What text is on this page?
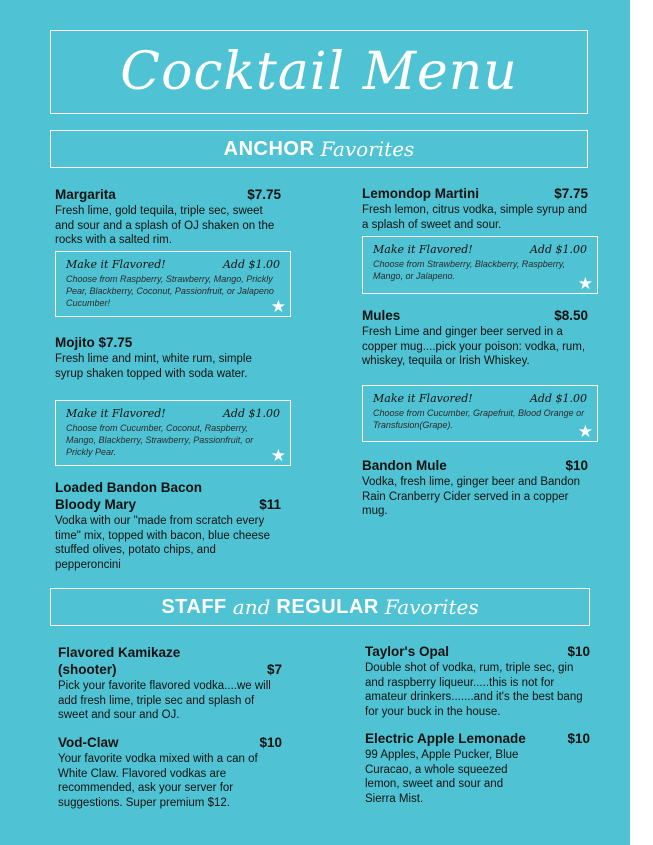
Cocktail Menu
ANCHOR Favorites
Margarita	$7.75
Fresh lime, gold tequila, triple sec, sweet and sour and a splash of OJ shaken on the rocks with a salted rim.
Make it Flavored!	Add $1.00
Choose from Raspberry, Strawberry, Mango, Prickly Pear, Blackberry, Coconut, Passionfruit, or Jalapeno Cucumber!	★
Mojito $7.75
Fresh lime and mint, white rum, simple syrup shaken topped with soda water.
Make it Flavored!	Add $1.00
Choose from Cucumber, Coconut, Raspberry, Mango, Blackberry, Strawberry, Passionfruit, or Prickly Pear.	★
Loaded Bandon Bacon
Bloody Mary	$11
Vodka with our "made from scratch every time" mix, topped with bacon, blue cheese stuffed olives, potato chips, and pepperoncini
Lemondop Martini	$7.75
Fresh lemon, citrus vodka, simple syrup and a splash of sweet and sour.
Make it Flavored!	Add $1.00
Choose from Strawberry, Blackberry, Raspberry, Mango, or Jalapeno.	★
Mules	$8.50
Fresh Lime and ginger beer served in a copper mug....pick your poison: vodka, rum, whiskey, tequila or Irish Whiskey.
Make it Flavored!	Add $1.00
Choose from Cucumber, Grapefruit, Blood Orange or Transfusion(Grape).	★
Bandon Mule	$10
Vodka, fresh lime, ginger beer and Bandon Rain Cranberry Cider served in a copper mug.
STAFF and REGULAR Favorites
Flavored Kamikaze
(shooter)	$7
Pick your favorite flavored vodka....we will add fresh lime, triple sec and splash of sweet and sour and OJ.
Vod-Claw	$10
Your favorite vodka mixed with a can of White Claw. Flavored vodkas are recommended, ask your server for suggestions. Super premium $12.
Taylor's Opal	$10
Double shot of vodka, rum, triple sec, gin and raspberry liqueur.....this is not for amateur drinkers.......and it's the best bang for your buck in the house.
Electric Apple Lemonade	$10
99 Apples, Apple Pucker, Blue Curacao, a whole squeezed lemon, sweet and sour and Sierra Mist.
